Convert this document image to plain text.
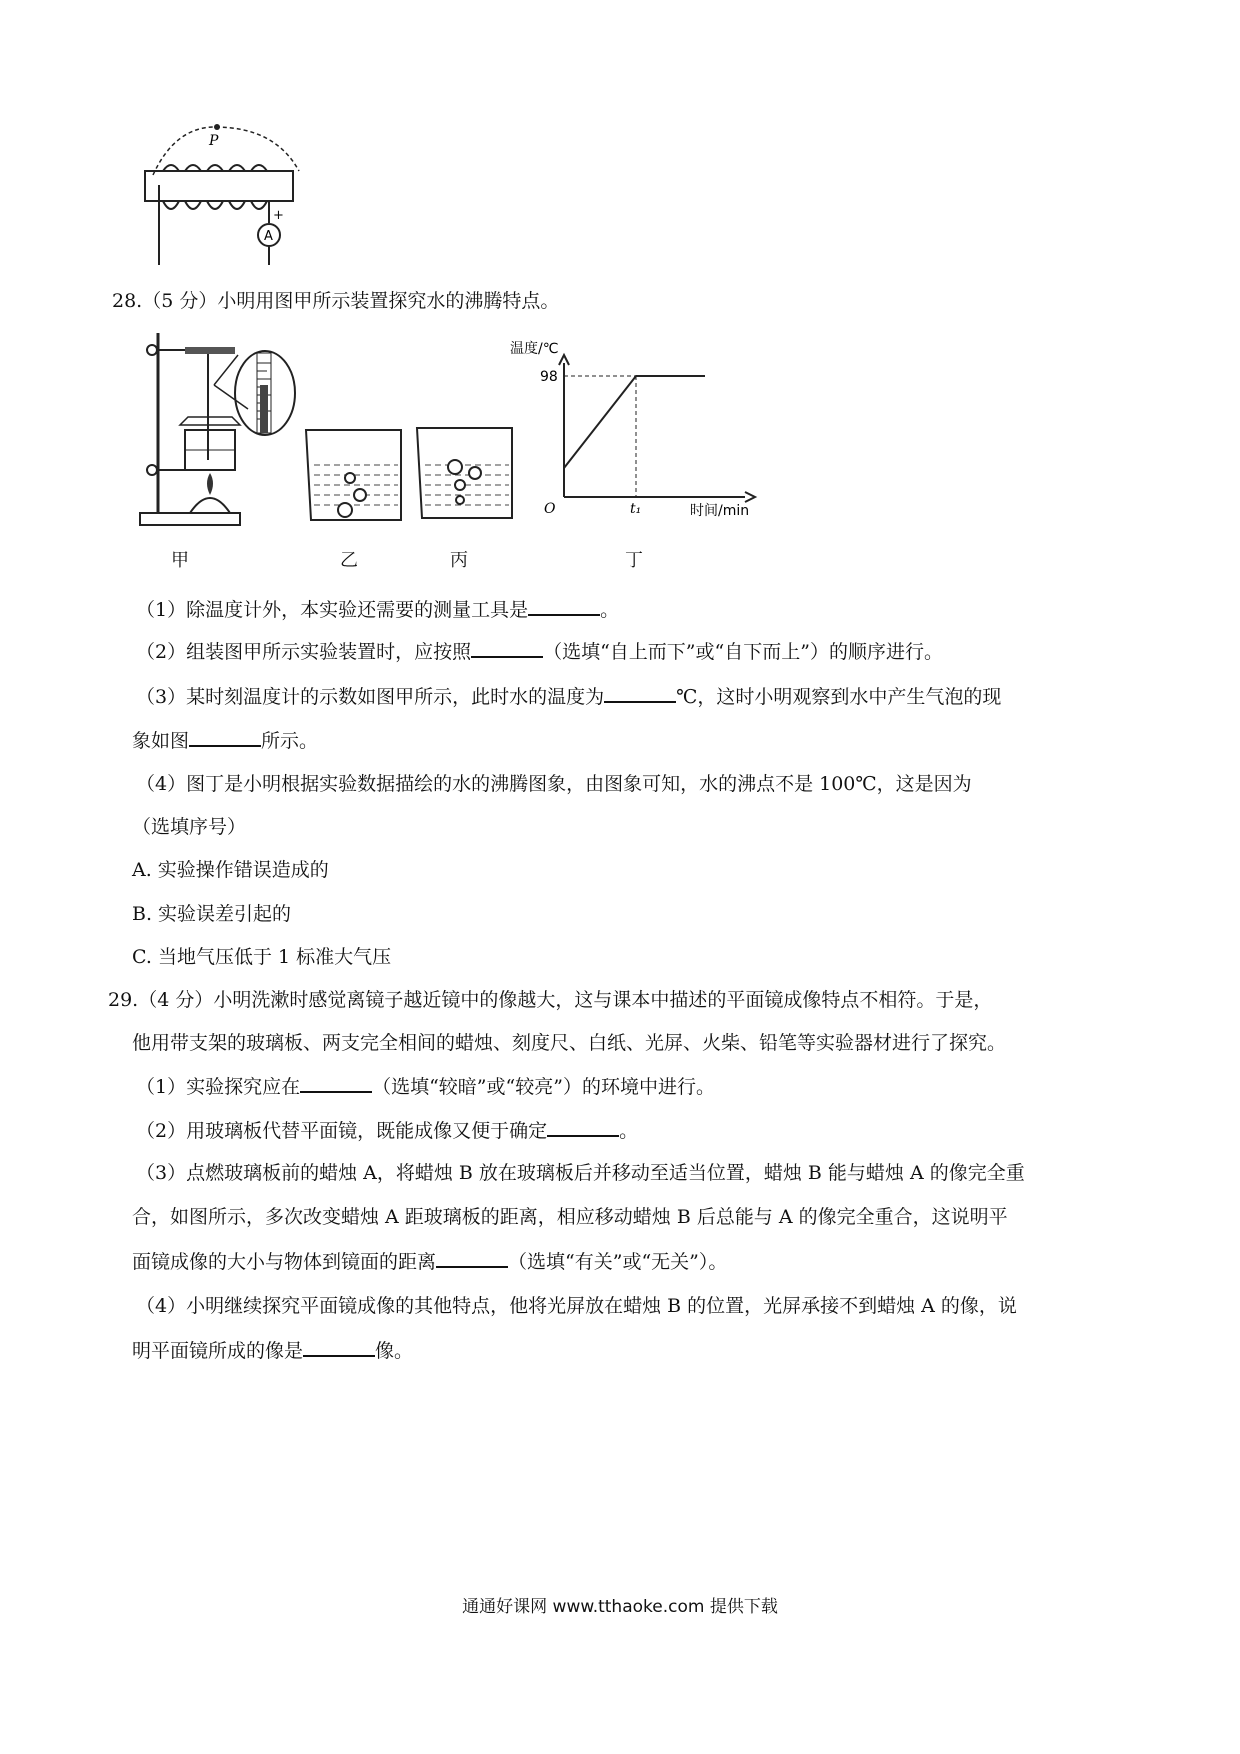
P
+
A
28.（5 分）小明用图甲所示装置探究水的沸腾特点。
温度/℃
98
O	t₁	时间/min
甲	乙	丙	丁
（1）除温度计外，本实验还需要的测量工具是	。
（2）组装图甲所示实验装置时，应按照	（选填“自上而下”或“自下而上”）的顺序进行。
（3）某时刻温度计的示数如图甲所示，此时水的温度为	℃，这时小明观察到水中产生气泡的现
象如图	所示。
（4）图丁是小明根据实验数据描绘的水的沸腾图象，由图象可知，水的沸点不是 100℃，这是因为
（选填序号）
A. 实验操作错误造成的
B. 实验误差引起的
C. 当地气压低于 1 标准大气压
29.（4 分）小明洗漱时感觉离镜子越近镜中的像越大，这与课本中描述的平面镜成像特点不相符。于是，
他用带支架的玻璃板、两支完全相间的蜡烛、刻度尺、白纸、光屏、火柴、铅笔等实验器材进行了探究。
（1）实验探究应在	（选填“较暗”或“较亮”）的环境中进行。
（2）用玻璃板代替平面镜，既能成像又便于确定	。
（3）点燃玻璃板前的蜡烛 A，将蜡烛 B 放在玻璃板后并移动至适当位置，蜡烛 B 能与蜡烛 A 的像完全重
合，如图所示，多次改变蜡烛 A 距玻璃板的距离，相应移动蜡烛 B 后总能与 A 的像完全重合，这说明平
面镜成像的大小与物体到镜面的距离	（选填“有关”或“无关”）。
（4）小明继续探究平面镜成像的其他特点，他将光屏放在蜡烛 B 的位置，光屏承接不到蜡烛 A 的像，说
明平面镜所成的像是	像。
通通好课网 www.tthaoke.com 提供下载
